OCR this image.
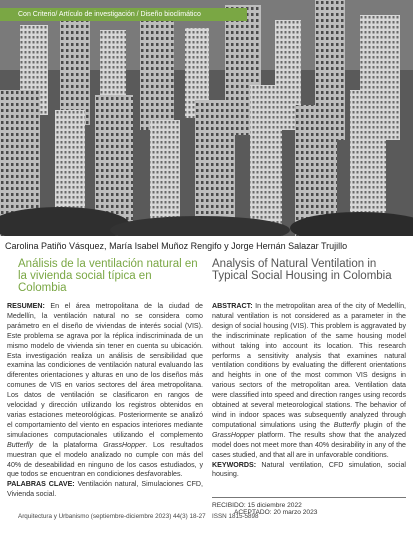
Con Criterio/ Artículo de investigación / Diseño bioclimático
Carolina Patiño Vásquez, María Isabel Muñoz Rengifo y Jorge Hernán Salazar Trujillo
Análisis de la ventilación natural en la vivienda social típica en Colombia
Analysis of Natural Ventilation in Typical Social Housing in Colombia
RESUMEN: En el área metropolitana de la ciudad de Medellín, la ventilación natural no se considera como parámetro en el diseño de viviendas de interés social (VIS). Este problema se agrava por la réplica indiscriminada de un mismo modelo de vivienda sin tener en cuenta su ubicación. Esta investigación realiza un análisis de sensibilidad que examina las condiciones de ventilación natural evaluando las diferentes orientaciones y alturas en uno de los diseños más comunes de VIS en varios sectores del área metropolitana. Los datos de ventilación se clasificaron en rangos de velocidad y dirección utilizando los registros obtenidos en varias estaciones meteorológicas. Posteriormente se analizó el comportamiento del viento en espacios interiores mediante simulaciones computacionales utilizando el complemento Butterfly de la plataforma GrassHopper. Los resultados muestran que el modelo analizado no cumple con más del 40% de deseabilidad en ninguno de los casos estudiados, y que todos se encuentran en condiciones desfavorables.
PALABRAS CLAVE: Ventilación natural, Simulaciones CFD, Vivienda social.
ABSTRACT: In the metropolitan area of the city of Medellín, natural ventilation is not considered as a parameter in the design of social housing (VIS). This problem is aggravated by the indiscriminate replication of the same housing model without taking into account its location. This research performs a sensitivity analysis that examines natural ventilation conditions by evaluating the different orientations and heights in one of the most common VIS designs in various sectors of the metropolitan area. Ventilation data were classified into speed and direction ranges using records obtained at several meteorological stations. The behavior of wind in indoor spaces was subsequently analyzed through computational simulations using the Butterfly plugin of the GrassHopper platform. The results show that the analyzed model does not meet more than 40% desirability in any of the cases studied, and that all are in unfavorable conditions.
KEYWORDS: Natural ventilation, CFD simulation, social housing.
RECIBIDO: 15 diciembre 2022 ACEPTADO: 20 marzo 2023
Arquitectura y Urbanismo (septiembre-diciembre 2023) 44(3) 18-27 ISSN 1815-5898
